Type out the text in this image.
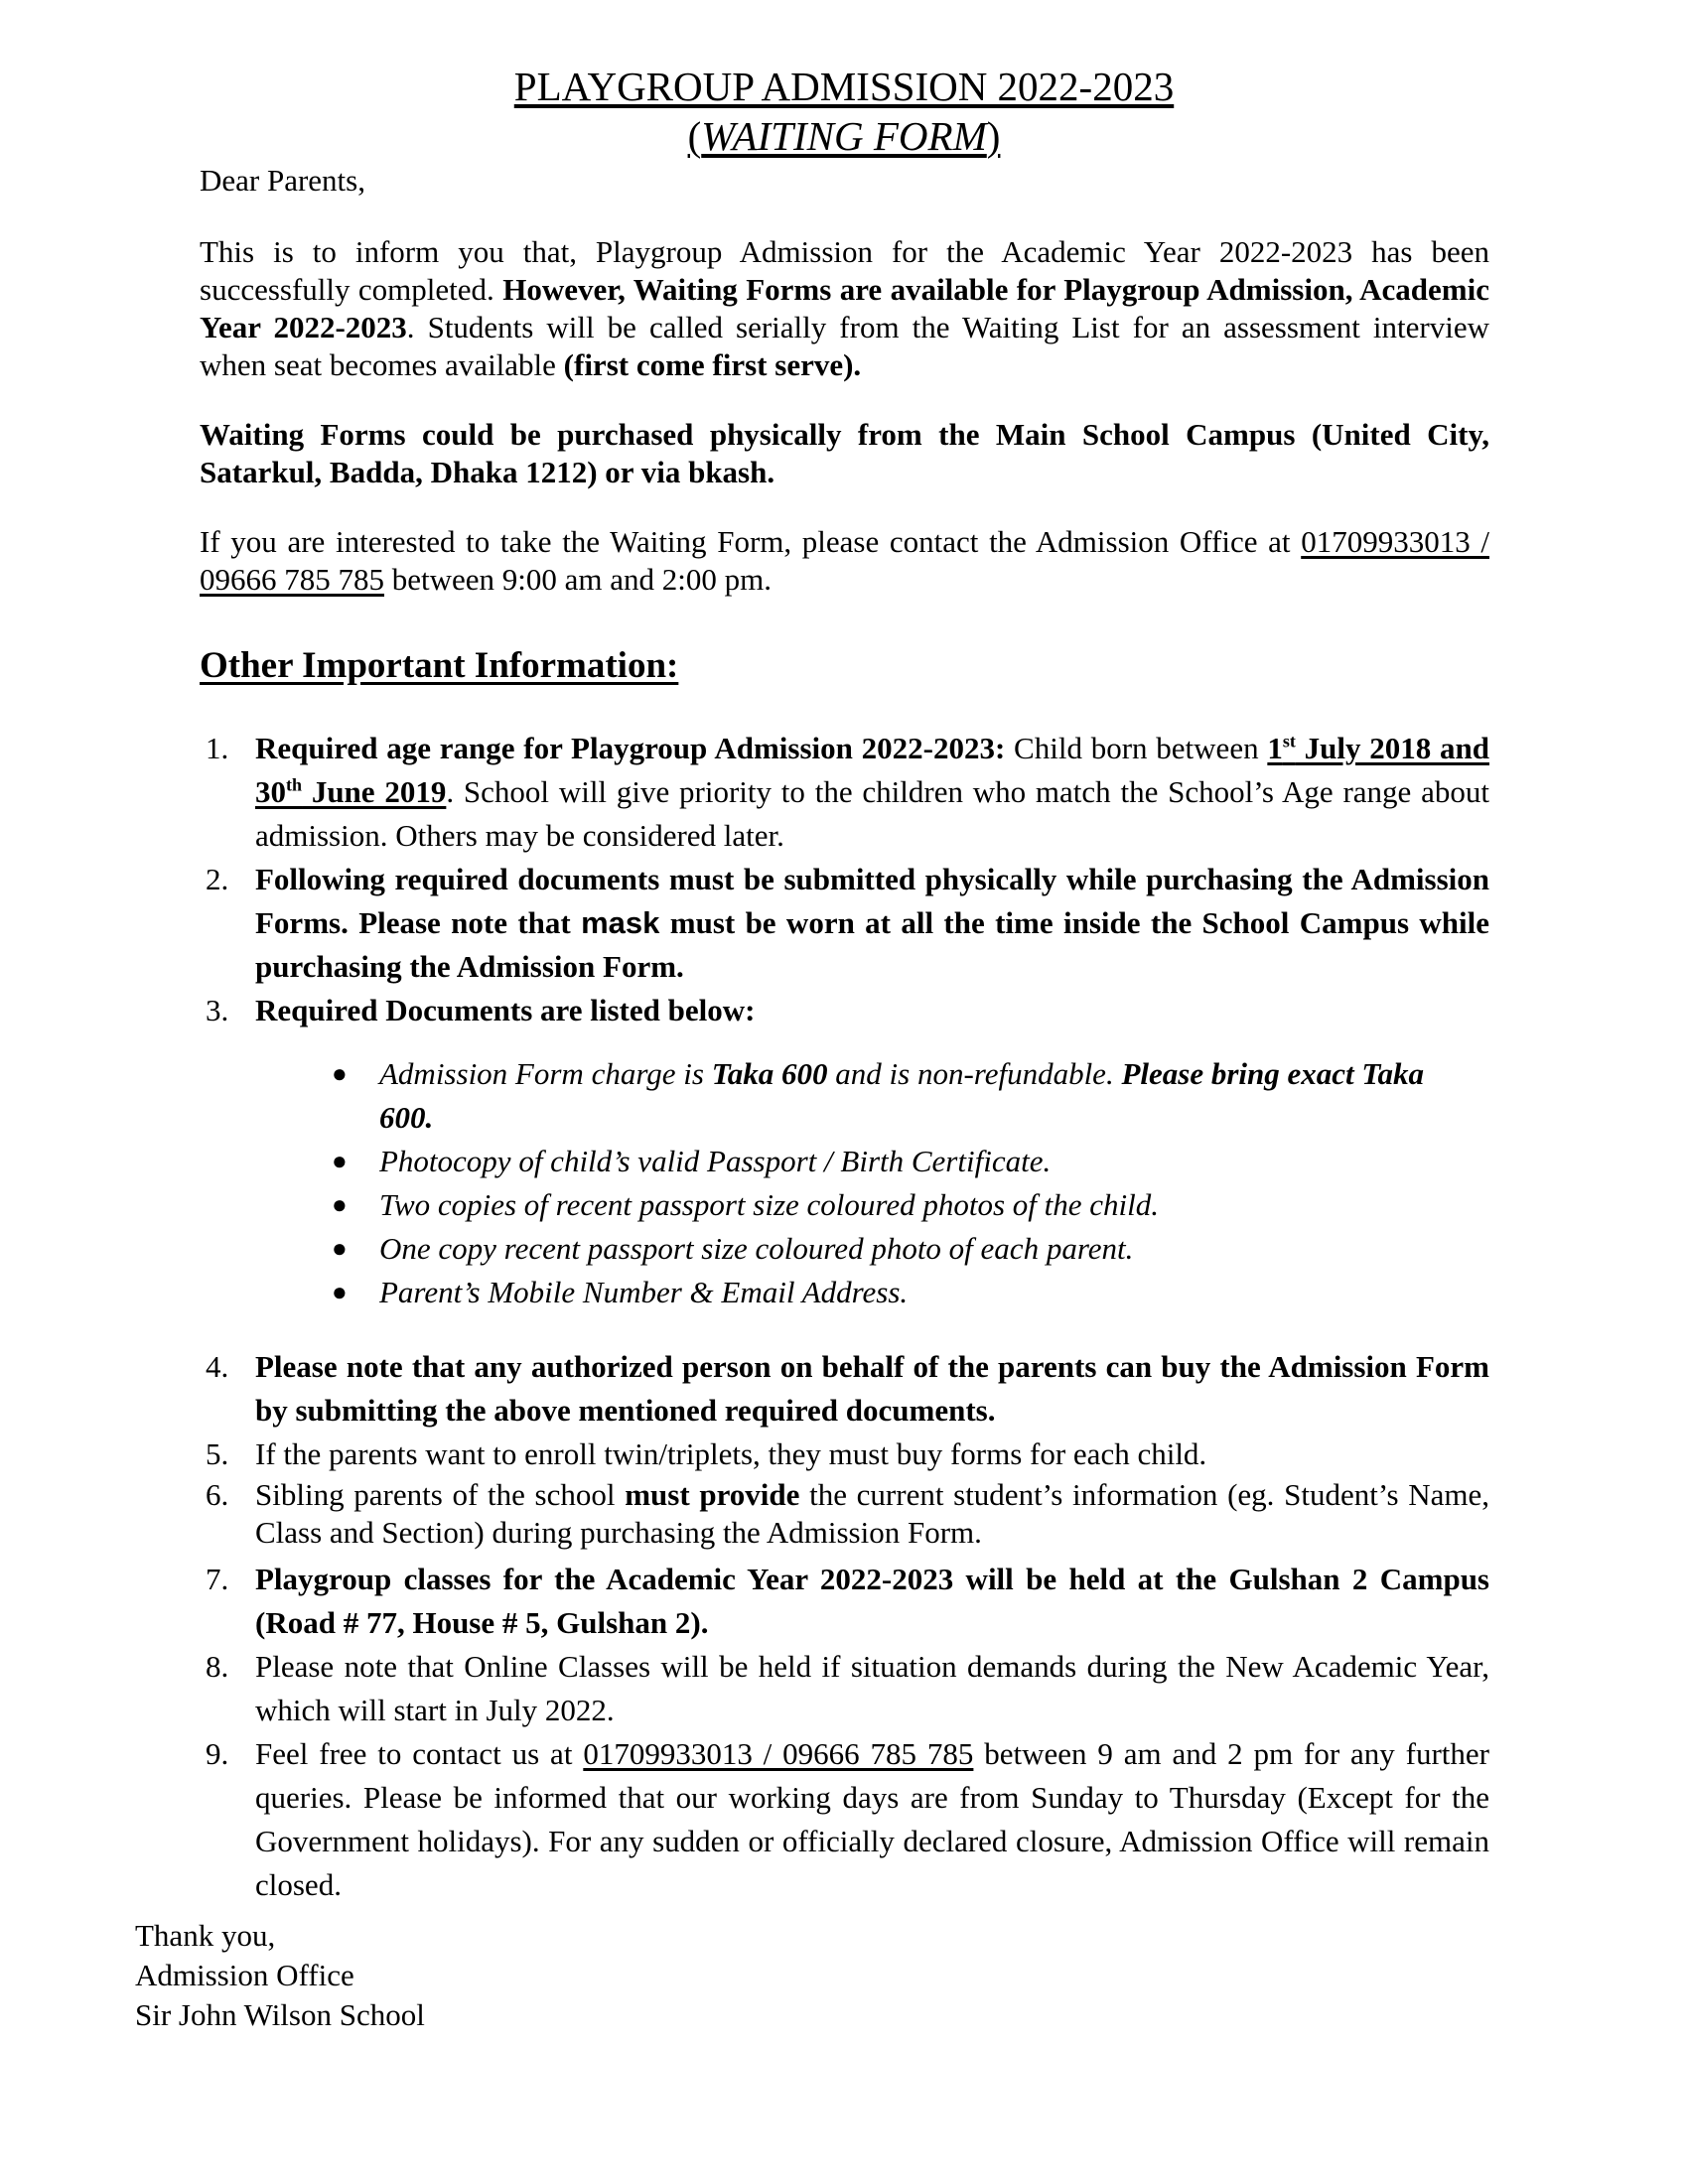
PLAYGROUP ADMISSION 2022-2023
(WAITING FORM)
Dear Parents,
This is to inform you that, Playgroup Admission for the Academic Year 2022-2023 has been successfully completed. However, Waiting Forms are available for Playgroup Admission, Academic Year 2022-2023. Students will be called serially from the Waiting List for an assessment interview when seat becomes available (first come first serve).
Waiting Forms could be purchased physically from the Main School Campus (United City, Satarkul, Badda, Dhaka 1212) or via bkash.
If you are interested to take the Waiting Form, please contact the Admission Office at 01709933013 / 09666 785 785 between 9:00 am and 2:00 pm.
Other Important Information:
1. Required age range for Playgroup Admission 2022-2023: Child born between 1st July 2018 and 30th June 2019. School will give priority to the children who match the School’s Age range about admission. Others may be considered later.
2. Following required documents must be submitted physically while purchasing the Admission Forms. Please note that mask must be worn at all the time inside the School Campus while purchasing the Admission Form.
3. Required Documents are listed below:
● Admission Form charge is Taka 600 and is non-refundable. Please bring exact Taka 600.
● Photocopy of child’s valid Passport / Birth Certificate.
● Two copies of recent passport size coloured photos of the child.
● One copy recent passport size coloured photo of each parent.
● Parent’s Mobile Number & Email Address.
4. Please note that any authorized person on behalf of the parents can buy the Admission Form by submitting the above mentioned required documents.
5. If the parents want to enroll twin/triplets, they must buy forms for each child.
6. Sibling parents of the school must provide the current student’s information (eg. Student’s Name, Class and Section) during purchasing the Admission Form.
7. Playgroup classes for the Academic Year 2022-2023 will be held at the Gulshan 2 Campus (Road # 77, House # 5, Gulshan 2).
8. Please note that Online Classes will be held if situation demands during the New Academic Year, which will start in July 2022.
9. Feel free to contact us at 01709933013 / 09666 785 785 between 9 am and 2 pm for any further queries. Please be informed that our working days are from Sunday to Thursday (Except for the Government holidays). For any sudden or officially declared closure, Admission Office will remain closed.
Thank you,
Admission Office
Sir John Wilson School
